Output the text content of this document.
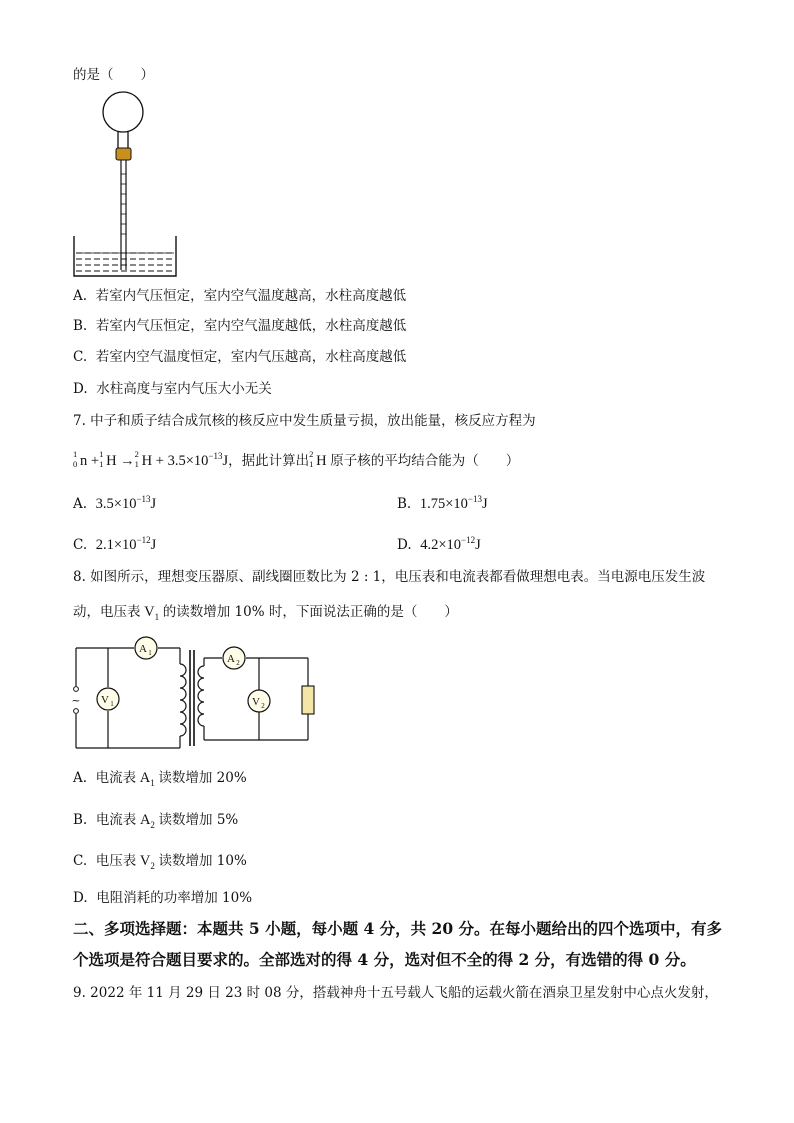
的是（　　）
A. 若室内气压恒定，室内空气温度越高，水柱高度越低
B. 若室内气压恒定，室内空气温度越低，水柱高度越低
C. 若室内空气温度恒定，室内气压越高，水柱高度越低
D. 水柱高度与室内气压大小无关
7. 中子和质子结合成氘核的核反应中发生质量亏损，放出能量，核反应方程为
1
0 n + 1
1 H → 2
1 $H + 3.5\times 10^{-13}J$，据此计算出 2
1 H 原子核的平均结合能为（　　）
A. $3.5\times 10^{-13}J$	B. $1.75\times 10^{-13}J$
C. $2.1\times 10^{-12}J$	D. $4.2\times 10^{-12}J$
8. 如图所示，理想变压器原、副线圈匝数比为 2 : 1，电压表和电流表都看做理想电表。当电源电压发生波
动，电压表 $V_1$ 的读数增加 10% 时，下面说法正确的是（　　）
~
A 1	A 2
V 1	V 2
A. 电流表 $A_1$ 读数增加 20%
B. 电流表 $A_2$ 读数增加 5%
C. 电压表 $V_2$ 读数增加 10%
D. 电阻消耗的功率增加 10%
二、多项选择题：本题共 5 小题，每小题 4 分，共 20 分。在每小题给出的四个选项中，有多
个选项是符合题目要求的。全部选对的得 4 分，选对但不全的得 2 分，有选错的得 0 分。
9. 2022 年 11 月 29 日 23 时 08 分，搭载神舟十五号载人飞船的运载火箭在酒泉卫星发射中心点火发射，
